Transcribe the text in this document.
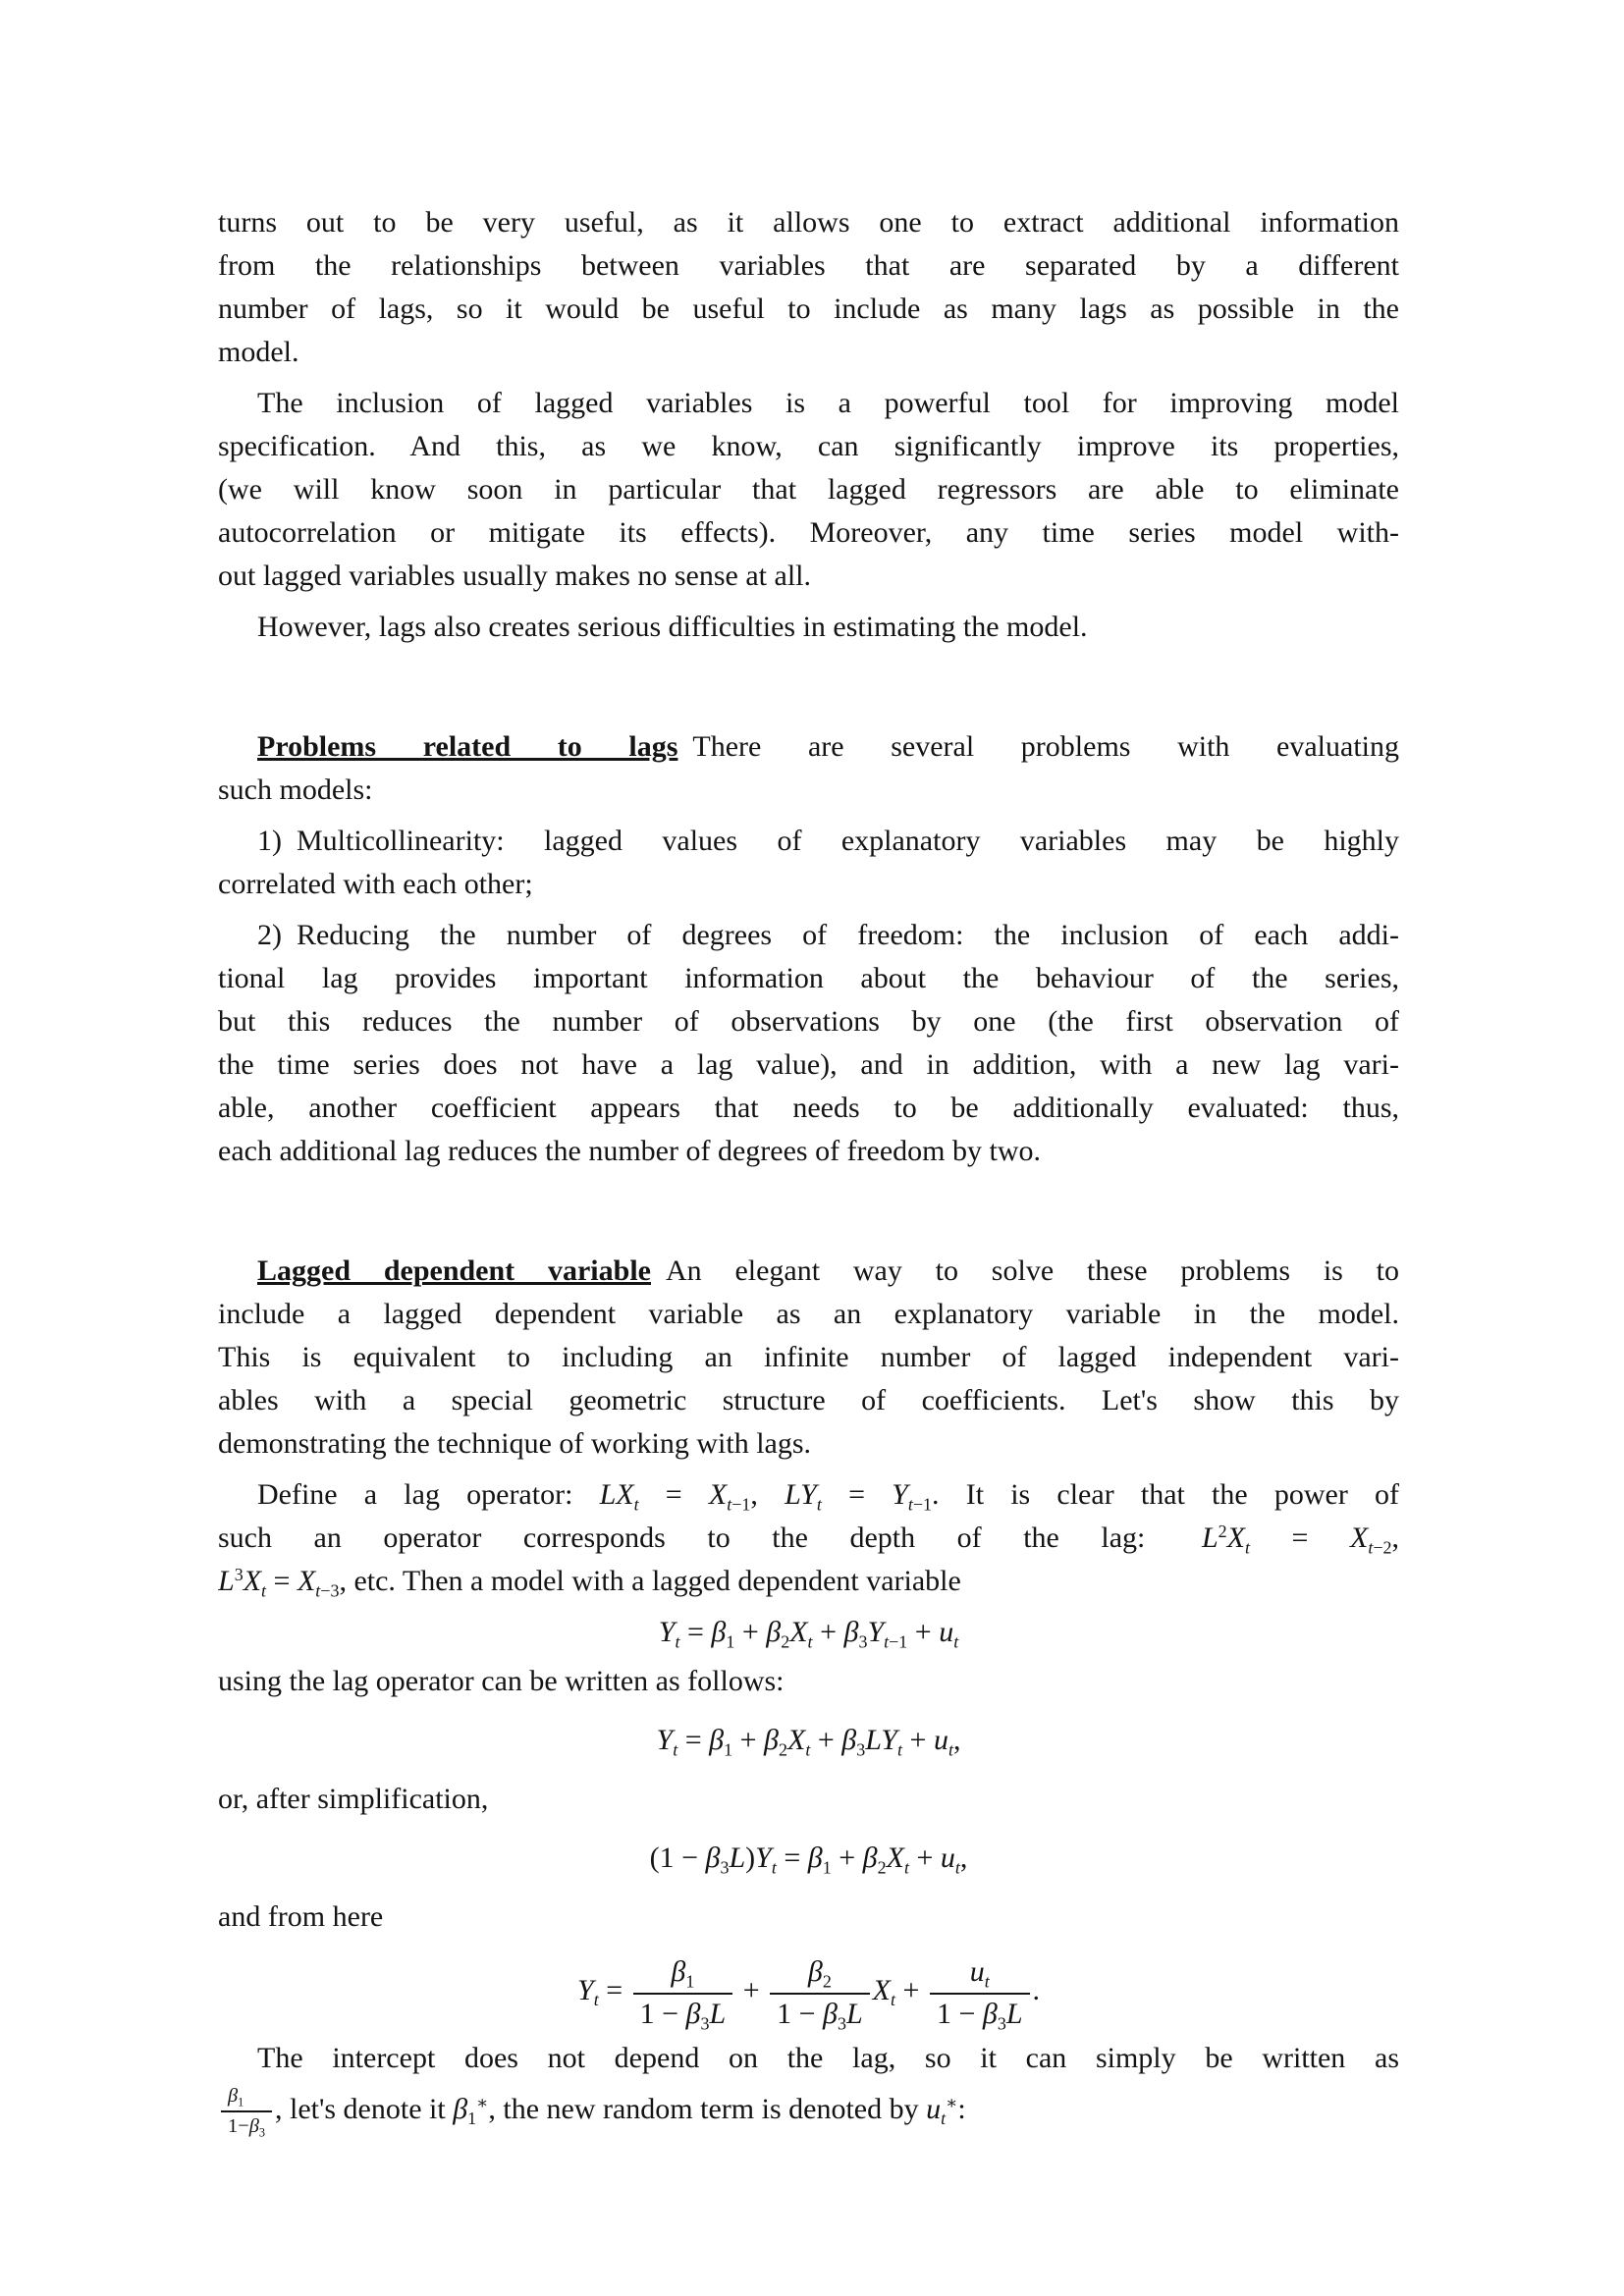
turns out to be very useful, as it allows one to extract additional information
from the relationships between variables that are separated by a different
number of lags, so it would be useful to include as many lags as possible in the
model.
The inclusion of lagged variables is a powerful tool for improving model
specification. And this, as we know, can significantly improve its properties,
(we will know soon in particular that lagged regressors are able to eliminate
autocorrelation or mitigate its effects). Moreover, any time series model with-
out lagged variables usually makes no sense at all.
However, lags also creates serious difficulties in estimating the model.
Problems related to lags There are several problems with evaluating
such models:
1) Multicollinearity: lagged values of explanatory variables may be highly
correlated with each other;
2) Reducing the number of degrees of freedom: the inclusion of each addi-
tional lag provides important information about the behaviour of the series,
but this reduces the number of observations by one (the first observation of
the time series does not have a lag value), and in addition, with a new lag vari-
able, another coefficient appears that needs to be additionally evaluated: thus,
each additional lag reduces the number of degrees of freedom by two.
Lagged dependent variable An elegant way to solve these problems is to
include a lagged dependent variable as an explanatory variable in the model.
This is equivalent to including an infinite number of lagged independent vari-
ables with a special geometric structure of coefficients. Let's show this by
demonstrating the technique of working with lags.
Define a lag operator: $LX_t = X_{t-1}$, $LY_t = Y_{t-1}$. It is clear that the power of
such an operator corresponds to the depth of the lag:  $L^2X_t = X_{t-2}$,
$L^3X_t = X_{t-3}$, etc. Then a model with a lagged dependent variable
$Y_t = \beta_1 + \beta_2X_t + \beta_3Y_{t-1} + u_t$
using the lag operator can be written as follows:
$Y_t = \beta_1 + \beta_2X_t + \beta_3LY_t + u_t$,
or, after simplification,
$(1 - \beta_3L)Y_t = \beta_1 + \beta_2X_t + u_t$,
and from here
$Y_t = \frac{\beta_1}{1 - \beta_3L} + \frac{\beta_2}{1 - \beta_3L} X_t + \frac{u_t}{1 - \beta_3L}$ .
The intercept does not depend on the lag, so it can simply be written as
$\frac{\beta_1}{1-\beta_3}$ , let's denote it $\beta_1^∗$, the new random term is denoted by $u_t^∗$:
